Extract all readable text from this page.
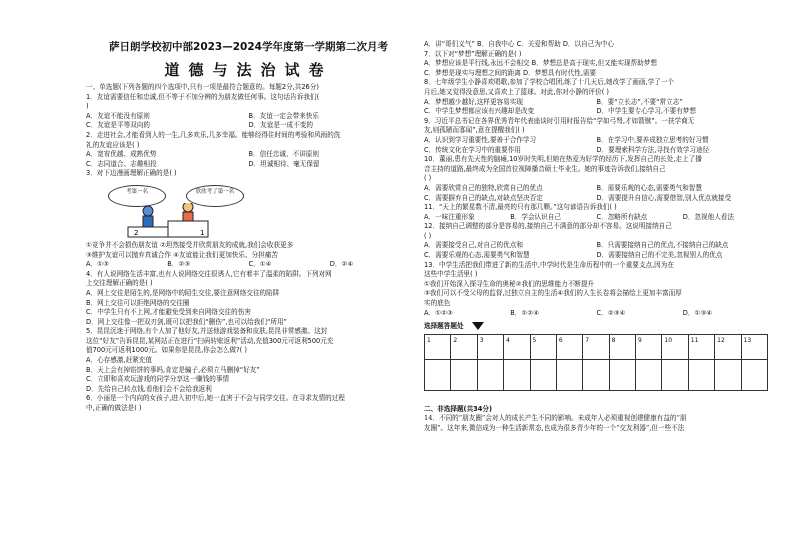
萨日朗学校初中部2023—2024学年度第一学期第二次月考
道德与法治试卷
一、单选题(下列各题的四个选项中,只有一项是最符合题意的。每题2分,共26分)
1．友谊需要信任和忠诚,但不等于不加分辨的为朋友做任何事。这句话告诉我们(
)
A．友谊不能没有原则	B．友谊一定会带来快乐
C．友谊是平等双向的	D．友谊是一成不变的
2．走进社会,才能看到人的一生,几多欢乐,几多幸福。能够经得住时间的考验和风雨的洗
礼的友谊应该是( )
A．宽宥优越、成熟优势	B．信任忠诚、不讲原则
C．志同道合、志趣相投	D．坦诚相待、毫无保留
3．对下边漫画理解正确的是( )
考第一名	欣欣考了第一名
2	1
①竞争并不会损伤朋友谊 ②坦然接受并欣赏朋友的成就,我们会收获更多
③维护友谊可以抛弃真诚合作 ④友谊能让我们更加快乐、分担痛苦
A．①③	B．②③	C．①④	D．②④
4．有人说网络生活丰富,也有人说网络交往很诱人,它有着丰了温柔的陷阱。下列对网
上交往理解正确的是( )
A．网上交往是陌生的,是网络中的陌生交往,要注意网络交往的陷阱
B．网上交往可以拒绝网络的交往圈
C．中学生只有不上网,才能避免受到来自网络交往的伤害
D．网上交往像一把双刃剑,既可以把我们“删伤”,也可以给我们“所用”
5．昆昆沉迷于网络,有个人加了他好友,并送他游戏装备和皮肤,昆昆非常感激。这封
这位“好友”告诉昆昆,某网站正在进行“扫码转账返利”活动,充值300元可返利500元充
值700元可返利1000元。如果你是昆昆,你会怎么做?( )
A．心存感激,赶紧充值
B．天上会有掉馅饼的事吗,肯定是骗子,必须立马删掉“好友”
C．立即和喜欢玩游戏的同学分享这一赚钱的事情
D．先给自己转点钱,看他们会不会给我返利
6．小丽是一个内向的女孩子,进入初中后,她一直害于不会与同学交往。在寻求友情的过程
中,正确的做法是( )
A．讲“哥们义气” B．自我中心 C．关爱和帮助 D．以自己为中心
7．以下对“梦想”理解正确的是( )
A．梦想应该是平行线,永远不会相交 B．梦想总是高于现实,但又能实现帮助梦想
C．梦想是现实与理想之间的距离 D．梦想具有时代性,需要
8．七年级学生小静喜欢唱歌,参加了学校合唱团,练了十几天后,她改学了画画,学了一个
月后,她又觉得没意思,又喜欢上了篮球。对此,你对小静的评价( )
A．梦想越少越好,这样更容易实现	B．要“立长志”,不要“常立志”
C．中学生梦想都应该有兴趣却是改变	D．中学生要专心学习,不要有梦想
9．习近平总书记在各界优秀青年代表座谈时引用时报告给“学如弓弩,才如箭镞”。一扶学商无
友,则孤陋而寡闻”,意在提醒我们( )
A．认识到学习重要性,要善于合作学习	B．在学习中,要养成独立思考的好习惯
C．传统文化在学习中的重要作用	D．要理索科学方法,寻找有效学习途径
10．董丽,患有先天性的脑瘫,10岁时失明,但她在热爱为好学的经历下,发挥自己的长处,走上了播
音主持的道路,最终成为全国首位视障播音硕士毕业生。她的事迹告诉我们,接纳自己
( )
A．需要欣赏自己的独特,欣赏自己的优点	B．需要乐观的心态,需要勇气和智慧
C．需要摒弃自己的缺点,对缺点坚决否定	D．需要提升自信心,需要借智,别人优点就接受
11．“天上的繁星数不清,最亮的只有那几颗。”这句谚语告诉我们( )
A．一味注重形象	B．学会认识自己	C．忽略所有缺点	D．忽视他人看法
12．接纳自己调整的部分是容易的,接纳自己不满意的部分却不容易。这说明接纳自己
( )
A．需要接受自己,对自己的优点和	B．只需要接纳自己的优点,不接纳自己的缺点
C．需要乐观的心态,需要勇气和智慧	D．需要接纳自己的不完美,忽视别人的优点
13．中学生活把我们带进了新的生活中,中学时代是生命历程中的一个重要支点,因为在
这些中学生活里( )
①我们开始深入探寻生命的奥秘②我们的思维能力不断提升
③我们可以不受父母的监督,过独立自主的生活④我们的人生长卷将会描绘上更加丰富而厚
实的底色
A．①②③	B．①②④	C．②③④	D．①③④
选择题答题处
1	2	3	4	5	6	7	8	9	10	11	12	13

二、非选择题(共34分)
14．不同的“朋友圈”会对人的成长产生不同的影响。未成年人必须重视创建健康有益的“朋
友圈”。这年来,微信成为一种生活新常态,也成为很多青少年的一个“交友利器”,但一些不法
